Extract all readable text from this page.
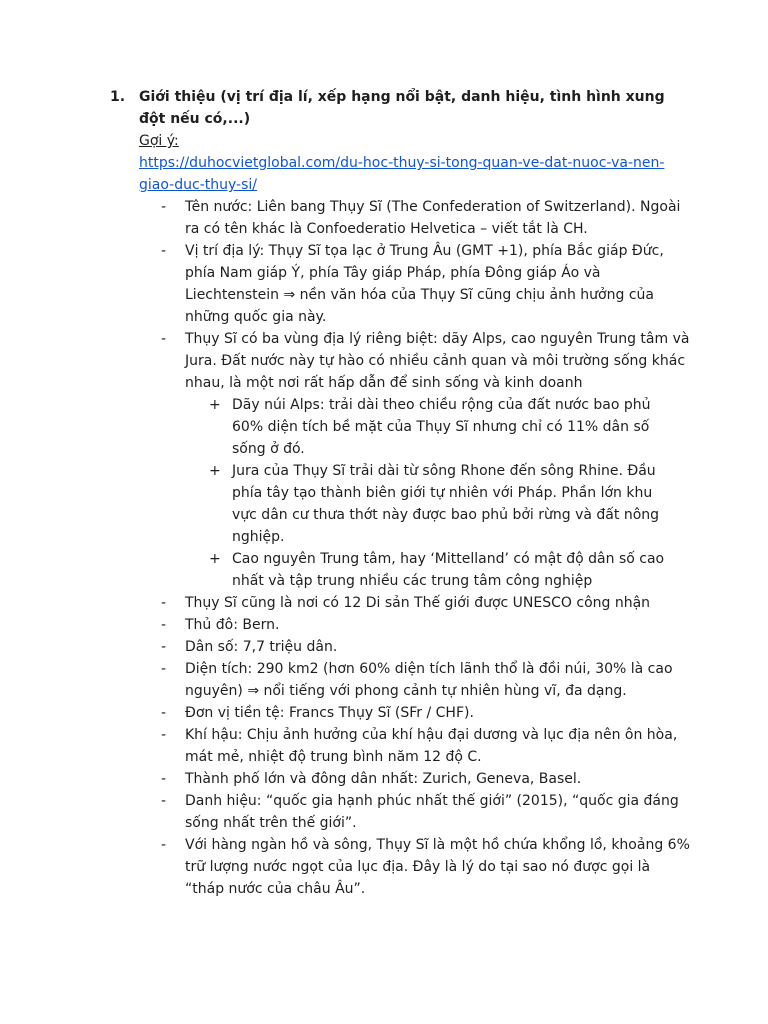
1. Giới thiệu (vị trí địa lí, xếp hạng nổi bật, danh hiệu, tình hình xung đột nếu có,...)
Gợi ý:
https://duhocvietglobal.com/du-hoc-thuy-si-tong-quan-ve-dat-nuoc-va-nen-giao-duc-thuy-si/
-	Tên nước: Liên bang Thụy Sĩ (The Confederation of Switzerland). Ngoài ra có tên khác là Confoederatio Helvetica – viết tắt là CH.
-	Vị trí địa lý: Thụy Sĩ tọa lạc ở Trung Âu (GMT +1), phía Bắc giáp Đức, phía Nam giáp Ý, phía Tây giáp Pháp, phía Đông giáp Áo và Liechtenstein ⇒ nền văn hóa của Thụy Sĩ cũng chịu ảnh hưởng của những quốc gia này.
-	Thụy Sĩ có ba vùng địa lý riêng biệt: dãy Alps, cao nguyên Trung tâm và Jura. Đất nước này tự hào có nhiều cảnh quan và môi trường sống khác nhau, là một nơi rất hấp dẫn để sinh sống và kinh doanh
+ Dãy núi Alps: trải dài theo chiều rộng của đất nước bao phủ 60% diện tích bề mặt của Thụy Sĩ nhưng chỉ có 11% dân số sống ở đó.
+ Jura của Thụy Sĩ trải dài từ sông Rhone đến sông Rhine. Đầu phía tây tạo thành biên giới tự nhiên với Pháp. Phần lớn khu vực dân cư thưa thớt này được bao phủ bởi rừng và đất nông nghiệp.
+ Cao nguyên Trung tâm, hay ‘Mittelland’ có mật độ dân số cao nhất và tập trung nhiều các trung tâm công nghiệp
-	Thụy Sĩ cũng là nơi có 12 Di sản Thế giới được UNESCO công nhận
-	Thủ đô: Bern.
-	Dân số: 7,7 triệu dân.
-	Diện tích: 290 km2 (hơn 60% diện tích lãnh thổ là đồi núi, 30% là cao nguyên) ⇒ nổi tiếng với phong cảnh tự nhiên hùng vĩ, đa dạng.
-	Đơn vị tiền tệ: Francs Thụy Sĩ (SFr / CHF).
-	Khí hậu: Chịu ảnh hưởng của khí hậu đại dương và lục địa nên ôn hòa, mát mẻ, nhiệt độ trung bình năm 12 độ C.
-	Thành phố lớn và đông dân nhất: Zurich, Geneva, Basel.
-	Danh hiệu: “quốc gia hạnh phúc nhất thế giới” (2015), “quốc gia đáng sống nhất trên thế giới”.
-	Với hàng ngàn hồ và sông, Thụy Sĩ là một hồ chứa khổng lồ, khoảng 6% trữ lượng nước ngọt của lục địa. Đây là lý do tại sao nó được gọi là “tháp nước của châu Âu”.
